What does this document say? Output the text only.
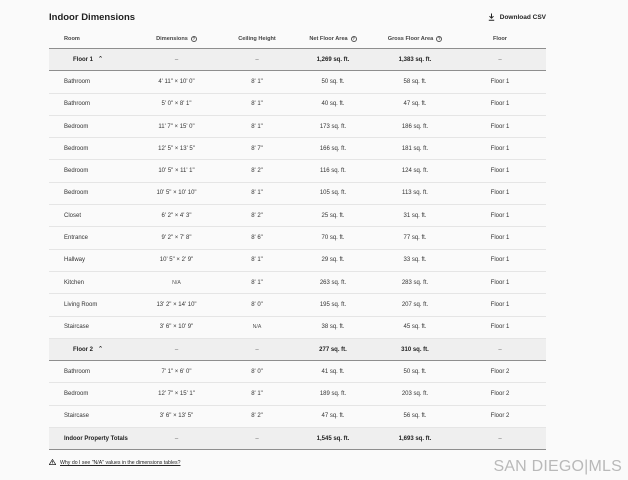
Indoor Dimensions	Download CSV
Room	Dimensions	?	Ceiling Height	Net Floor Area	?	Gross Floor Area	?	Floor
Floor 1 ⌃	–	–	1,269 sq. ft.	1,383 sq. ft.	–
Bathroom	4' 11" × 10' 0"	8' 1"	50 sq. ft.	58 sq. ft.	Floor 1
Bathroom	5' 0" × 8' 1"	8' 1"	40 sq. ft.	47 sq. ft.	Floor 1
Bedroom	11' 7" × 15' 0"	8' 1"	173 sq. ft.	186 sq. ft.	Floor 1
Bedroom	12' 5" × 13' 5"	8' 7"	166 sq. ft.	181 sq. ft.	Floor 1
Bedroom	10' 5" × 11' 1"	8' 2"	116 sq. ft.	124 sq. ft.	Floor 1
Bedroom	10' 5" × 10' 10"	8' 1"	105 sq. ft.	113 sq. ft.	Floor 1
Closet	6' 2" × 4' 3"	8' 2"	25 sq. ft.	31 sq. ft.	Floor 1
Entrance	9' 2" × 7' 8"	8' 6"	70 sq. ft.	77 sq. ft.	Floor 1
Hallway	10' 5" × 2' 9"	8' 1"	29 sq. ft.	33 sq. ft.	Floor 1
Kitchen	N/A	8' 1"	263 sq. ft.	283 sq. ft.	Floor 1
Living Room	13' 2" × 14' 10"	8' 0"	195 sq. ft.	207 sq. ft.	Floor 1
Staircase	3' 6" × 10' 9"	N/A	38 sq. ft.	45 sq. ft.	Floor 1
Floor 2 ⌃	–	–	277 sq. ft.	310 sq. ft.	–
Bathroom	7' 1" × 6' 0"	8' 0"	41 sq. ft.	50 sq. ft.	Floor 2
Bedroom	12' 7" × 15' 1"	8' 1"	189 sq. ft.	203 sq. ft.	Floor 2
Staircase	3' 6" × 13' 5"	8' 2"	47 sq. ft.	56 sq. ft.	Floor 2
Indoor Property Totals	–	–	1,545 sq. ft.	1,693 sq. ft.	–
Why do I see "N/A" values in the dimensions tables?	SAN DIEGO|MLS
